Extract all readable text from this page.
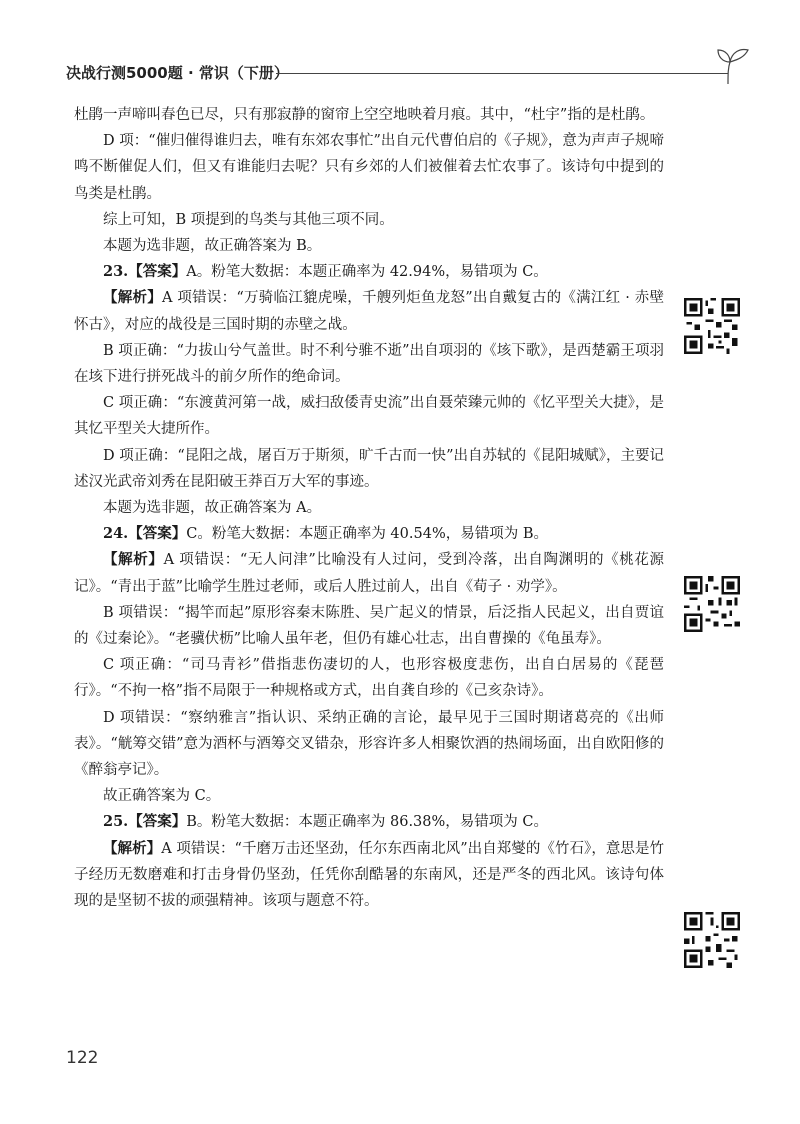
决战行测5000题 · 常识（下册）

杜鹃一声啼叫春色已尽，只有那寂静的窗帘上空空地映着月痕。其中，“杜宇”指的是杜鹃。

D 项：“催归催得谁归去，唯有东郊农事忙”出自元代曹伯启的《子规》，意为声声子规啼鸣不断催促人们，但又有谁能归去呢？只有乡郊的人们被催着去忙农事了。该诗句中提到的鸟类是杜鹃。

综上可知，B 项提到的鸟类与其他三项不同。

本题为选非题，故正确答案为 B。

23.【答案】A。粉笔大数据：本题正确率为 42.94%，易错项为 C。

【解析】A 项错误：“万骑临江貔虎噪，千艘列炬鱼龙怒”出自戴复古的《满江红 · 赤壁怀古》，对应的战役是三国时期的赤壁之战。

B 项正确：“力拔山兮气盖世。时不利兮骓不逝”出自项羽的《垓下歌》，是西楚霸王项羽在垓下进行拼死战斗的前夕所作的绝命词。

C 项正确：“东渡黄河第一战，威扫敌倭青史流”出自聂荣臻元帅的《忆平型关大捷》，是其忆平型关大捷所作。

D 项正确：“昆阳之战，屠百万于斯须，旷千古而一快”出自苏轼的《昆阳城赋》，主要记述汉光武帝刘秀在昆阳破王莽百万大军的事迹。

本题为选非题，故正确答案为 A。

24.【答案】C。粉笔大数据：本题正确率为 40.54%，易错项为 B。

【解析】A 项错误：“无人问津”比喻没有人过问，受到冷落，出自陶渊明的《桃花源记》。“青出于蓝”比喻学生胜过老师，或后人胜过前人，出自《荀子 · 劝学》。

B 项错误：“揭竿而起”原形容秦末陈胜、吴广起义的情景，后泛指人民起义，出自贾谊的《过秦论》。“老骥伏枥”比喻人虽年老，但仍有雄心壮志，出自曹操的《龟虽寿》。

C 项正确：“司马青衫”借指悲伤凄切的人，也形容极度悲伤，出自白居易的《琵琶行》。“不拘一格”指不局限于一种规格或方式，出自龚自珍的《己亥杂诗》。

D 项错误：“察纳雅言”指认识、采纳正确的言论，最早见于三国时期诸葛亮的《出师表》。“觥筹交错”意为酒杯与酒筹交叉错杂，形容许多人相聚饮酒的热闹场面，出自欧阳修的《醉翁亭记》。

故正确答案为 C。

25.【答案】B。粉笔大数据：本题正确率为 86.38%，易错项为 C。

【解析】A 项错误：“千磨万击还坚劲，任尔东西南北风”出自郑燮的《竹石》，意思是竹子经历无数磨难和打击身骨仍坚劲，任凭你刮酷暑的东南风，还是严冬的西北风。该诗句体现的是坚韧不拔的顽强精神。该项与题意不符。

122
